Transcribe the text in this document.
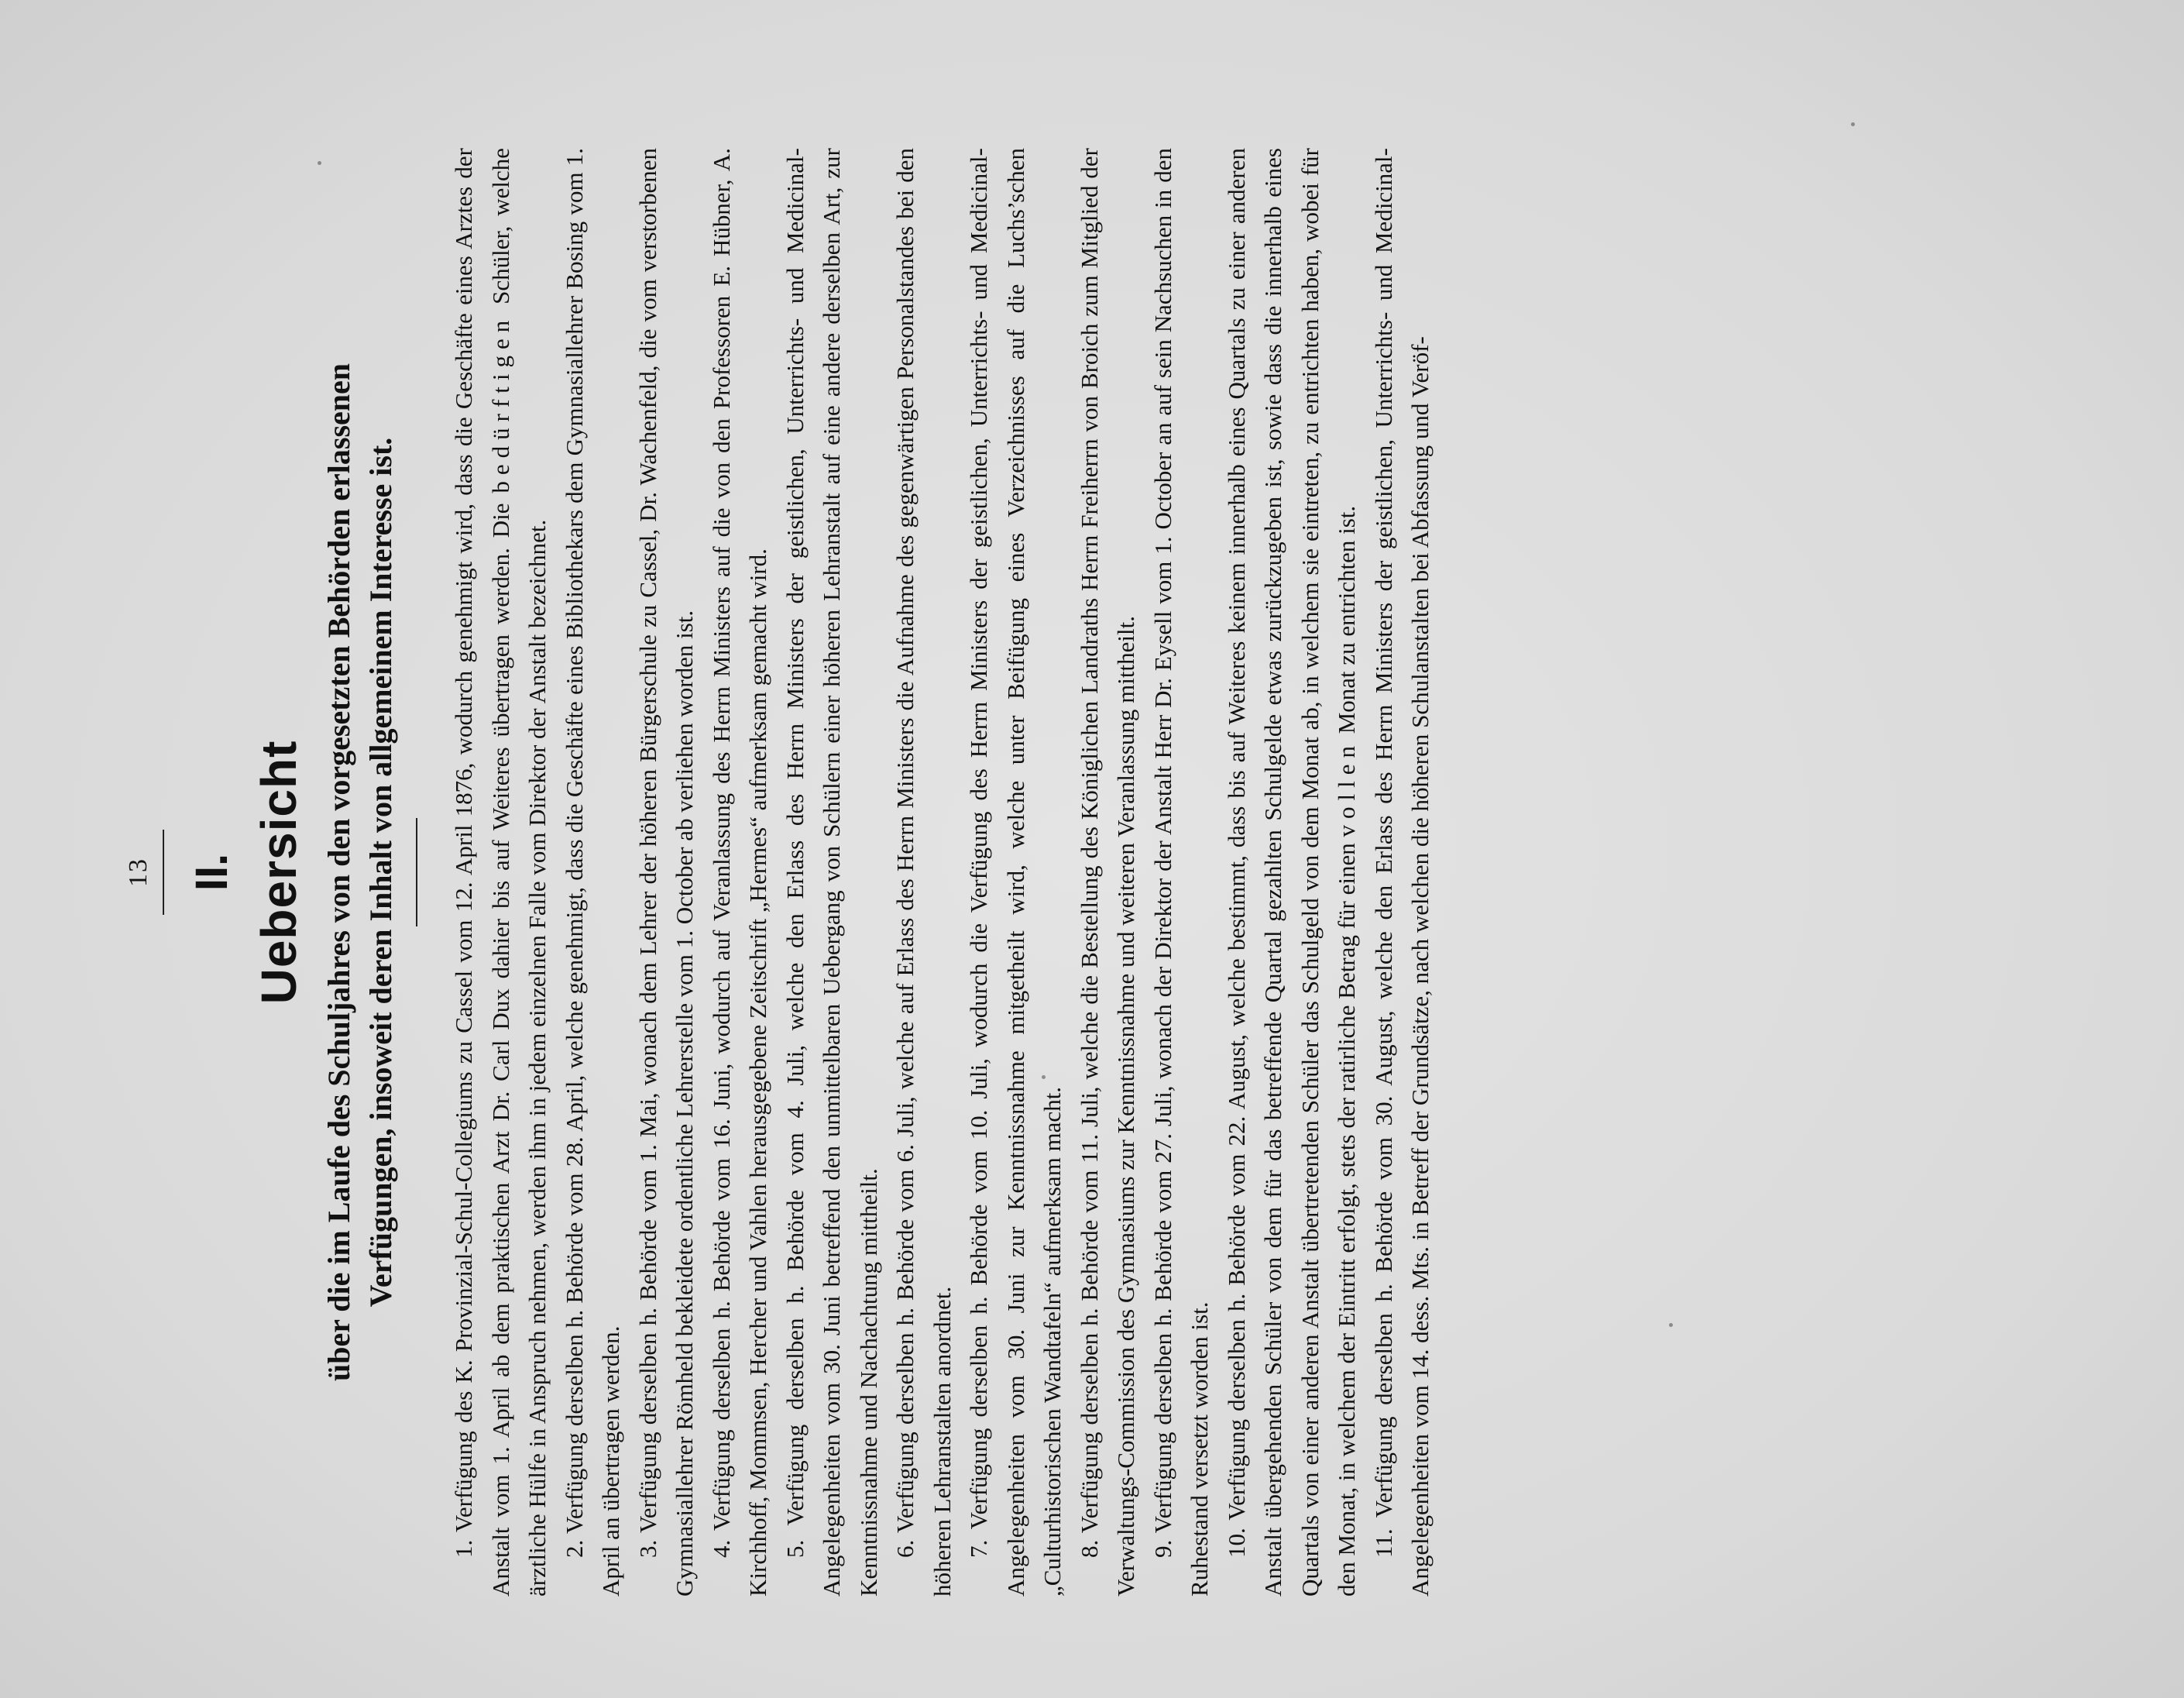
13 II. Uebersicht über die im Laufe des Schuljahres von den vorgesetzten Behörden erlassenen Verfügungen, insoweit deren Inhalt von allgemeinem Interesse ist. 1. Verfügung des K. Provinzial-Schul-Collegiums zu Cassel vom 12. April 1876, wodurch genehmigt wird, dass die Geschäfte eines Arztes der Anstalt vom 1. April ab dem praktischen Arzt Dr. Carl Dux dahier bis auf Weiteres übertragen werden. Die bedürftigen Schüler, welche ärztliche Hülfe in Anspruch nehmen, werden ihm in jedem einzelnen Falle vom Direktor der Anstalt bezeichnet. 2. Verfügung derselben h. Behörde vom 28. April, welche genehmigt, dass die Geschäfte eines Bibliothekars dem Gymnasiallehrer Bosing vom 1. April an übertragen werden. 3. Verfügung derselben h. Behörde vom 1. Mai, wonach dem Lehrer der höheren Bürgerschule zu Cassel, Dr. Wachenfeld, die vom verstorbenen Gymnasiallehrer Römheld bekleidete ordentliche Lehrerstelle vom 1. October ab verliehen worden ist. 4. Verfügung derselben h. Behörde vom 16. Juni, wodurch auf Veranlassung des Herrn Ministers auf die von den Professoren E. Hübner, A. Kirchhoff, Mommsen, Hercher und Vahlen herausgegebene Zeitschrift „Hermes“ aufmerksam gemacht wird. 5. Verfügung derselben h. Behörde vom 4. Juli, welche den Erlass des Herrn Ministers der geistlichen, Unterrichts- und Medicinal-Angelegenheiten vom 30. Juni betreffend den unmittelbaren Uebergang von Schülern einer höheren Lehranstalt auf eine andere derselben Art, zur Kenntnissnahme und Nachachtung mittheilt. 6. Verfügung derselben h. Behörde vom 6. Juli, welche auf Erlass des Herrn Ministers die Aufnahme des gegenwärtigen Personalstandes bei den höheren Lehranstalten anordnet. 7. Verfügung derselben h. Behörde vom 10. Juli, wodurch die Verfügung des Herrn Ministers der geistlichen, Unterrichts- und Medicinal-Angelegenheiten vom 30. Juni zur Kenntnissnahme mitgetheilt wird, welche unter Beifügung eines Verzeichnisses auf die Luchs’schen „Culturhistorischen Wandtafeln“ aufmerksam macht. 8. Verfügung derselben h. Behörde vom 11. Juli, welche die Bestellung des Königlichen Landraths Herrn Freiherrn von Broich zum Mitglied der Verwaltungs-Commission des Gymnasiums zur Kenntnissnahme und weiteren Veranlassung mittheilt. 9. Verfügung derselben h. Behörde vom 27. Juli, wonach der Direktor der Anstalt Herr Dr. Eysell vom 1. October an auf sein Nachsuchen in den Ruhestand versetzt worden ist. 10. Verfügung derselben h. Behörde vom 22. August, welche bestimmt, dass bis auf Weiteres keinem innerhalb eines Quartals zu einer anderen Anstalt übergehenden Schüler von dem für das betreffende Quartal gezahlten Schulgelde etwas zurückzugeben ist, sowie dass die innerhalb eines Quartals von einer anderen Anstalt übertretenden Schüler das Schulgeld von dem Monat ab, in welchem sie eintreten, zu entrichten haben, wobei für den Monat, in welchem der Eintritt erfolgt, stets der ratirliche Betrag für einen vollen Monat zu entrichten ist. 11. Verfügung derselben h. Behörde vom 30. August, welche den Erlass des Herrn Ministers der geistlichen, Unterrichts- und Medicinal-Angelegenheiten vom 14. dess. Mts. in Betreff der Grundsätze, nach welchen die höheren Schulanstalten bei Abfassung und Veröf-
